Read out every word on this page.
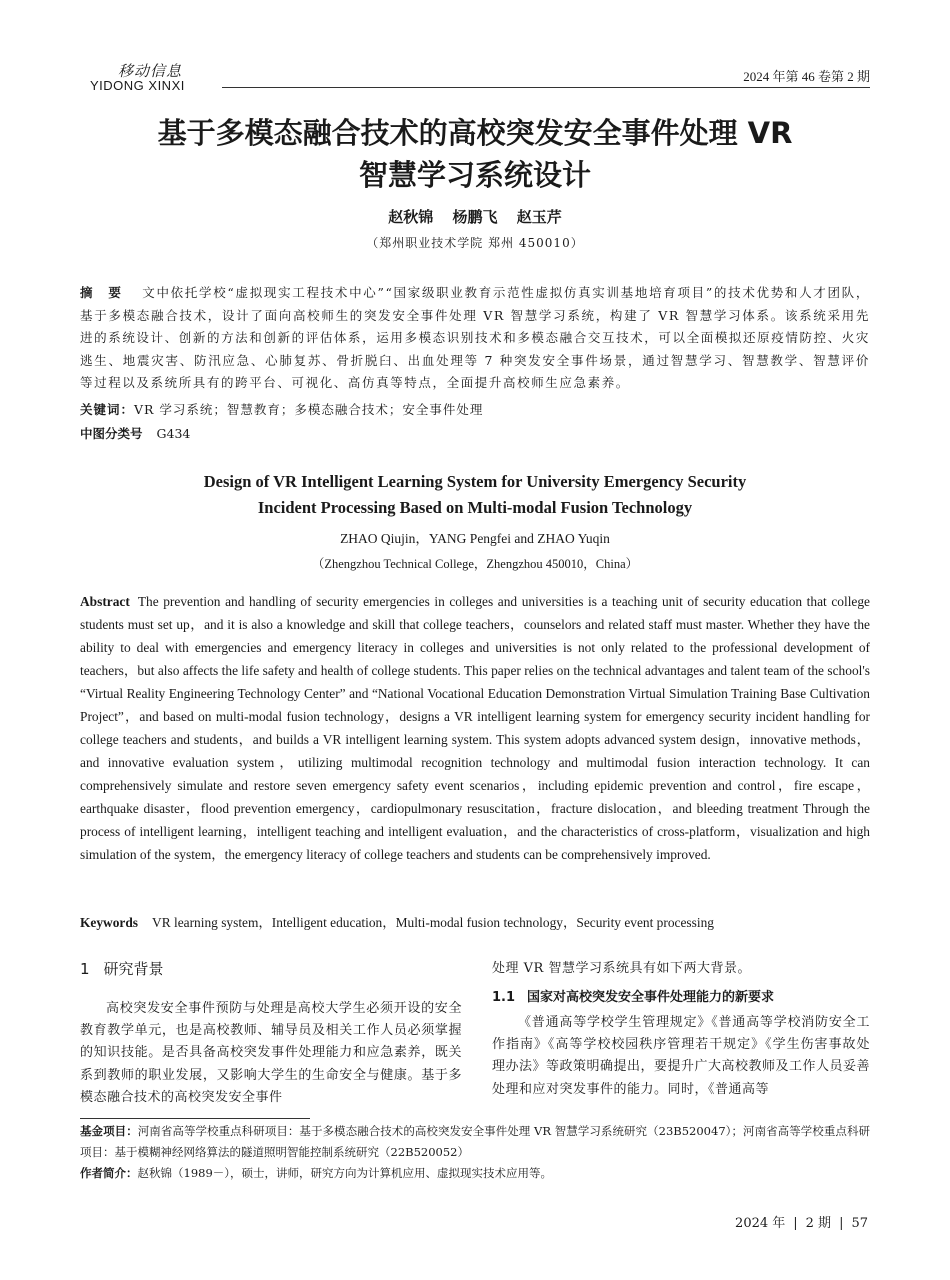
移动信息
YIDONG XINXI
2024 年第 46 卷第 2 期
基于多模态融合技术的高校突发安全事件处理 VR
智慧学习系统设计
赵秋锦 杨鹏飞 赵玉芹
（郑州职业技术学院 郑州 450010）
摘　要 文中依托学校“虚拟现实工程技术中心”“国家级职业教育示范性虚拟仿真实训基地培育项目”的技术优势和人才团队，基于多模态融合技术，设计了面向高校师生的突发安全事件处理 VR 智慧学习系统，构建了 VR 智慧学习体系。该系统采用先进的系统设计、创新的方法和创新的评估体系，运用多模态识别技术和多模态融合交互技术，可以全面模拟还原疫情防控、火灾逃生、地震灾害、防汛应急、心肺复苏、骨折脱臼、出血处理等 7 种突发安全事件场景，通过智慧学习、智慧教学、智慧评价等过程以及系统所具有的跨平台、可视化、高仿真等特点，全面提升高校师生应急素养。
关键词：VR 学习系统；智慧教育；多模态融合技术；安全事件处理
中图分类号 G434
Design of VR Intelligent Learning System for University Emergency Security
Incident Processing Based on Multi-modal Fusion Technology
ZHAO Qiujin，YANG Pengfei and ZHAO Yuqin
（Zhengzhou Technical College，Zhengzhou 450010，China）
Abstract The prevention and handling of security emergencies in colleges and universities is a teaching unit of security education that college students must set up，and it is also a knowledge and skill that college teachers，counselors and related staff must master. Whether they have the ability to deal with emergencies and emergency literacy in colleges and universities is not only related to the professional development of teachers，but also affects the life safety and health of college students. This paper relies on the technical advantages and talent team of the school's “Virtual Reality Engineering Technology Center” and “National Vocational Education Demonstration Virtual Simulation Training Base Cultivation Project”，and based on multi-modal fusion technology，designs a VR intelligent learning system for emergency security incident handling for college teachers and students，and builds a VR intelligent learning system. This system adopts advanced system design，innovative methods，and innovative evaluation system，utilizing multimodal recognition technology and multimodal fusion interaction technology. It can comprehensively simulate and restore seven emergency safety event scenarios，including epidemic prevention and control，fire escape，earthquake disaster，flood prevention emergency，cardiopulmonary resuscitation，fracture dislocation，and bleeding treatment Through the process of intelligent learning，intelligent teaching and intelligent evaluation，and the characteristics of cross-platform，visualization and high simulation of the system，the emergency literacy of college teachers and students can be comprehensively improved.
Keywords VR learning system，Intelligent education，Multi-modal fusion technology，Security event processing
1 研究背景
高校突发安全事件预防与处理是高校大学生必须开设的安全教育教学单元，也是高校教师、辅导员及相关工作人员必须掌握的知识技能。是否具备高校突发事件处理能力和应急素养，既关系到教师的职业发展，又影响大学生的生命安全与健康。基于多模态融合技术的高校突发安全事件
处理 VR 智慧学习系统具有如下两大背景。
1.1 国家对高校突发安全事件处理能力的新要求
《普通高等学校学生管理规定》《普通高等学校消防安全工作指南》《高等学校校园秩序管理若干规定》《学生伤害事故处理办法》等政策明确提出，要提升广大高校教师及工作人员妥善处理和应对突发事件的能力。同时，《普通高等
基金项目：河南省高等学校重点科研项目：基于多模态融合技术的高校突发安全事件处理 VR 智慧学习系统研究（23B520047）；河南省高等学校重点科研项目：基于模糊神经网络算法的隧道照明智能控制系统研究（22B520052）
作者简介：赵秋锦（1989－），硕士，讲师，研究方向为计算机应用、虚拟现实技术应用等。
2024 年 | 2 期 | 57
